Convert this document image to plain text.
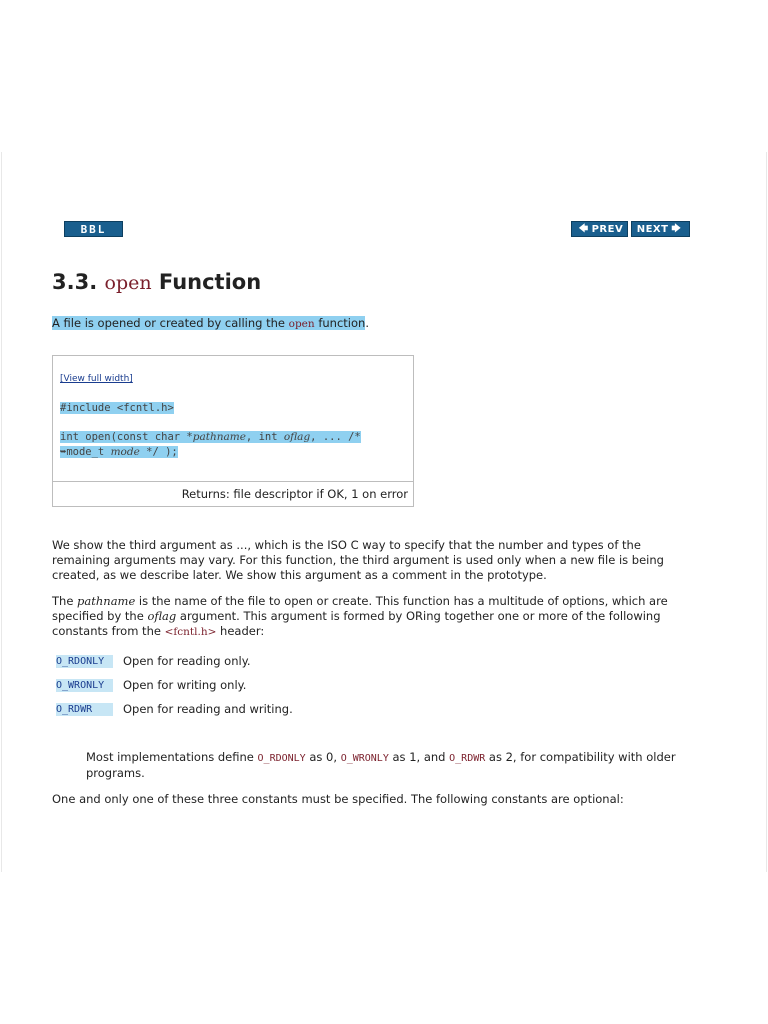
BBL	🡄 PREV NEXT 🡆
3.3. open Function
A file is opened or created by calling the open function.
[View full width]
#include <fcntl.h>
int open(const char *pathname, int oflag, ... /*
➥mode_t mode */ );
Returns: file descriptor if OK, 1 on error

We show the third argument as ..., which is the ISO C way to specify that the number and types of the remaining arguments may vary. For this function, the third argument is used only when a new file is being created, as we describe later. We show this argument as a comment in the prototype.

The pathname is the name of the file to open or create. This function has a multitude of options, which are specified by the oflag argument. This argument is formed by ORing together one or more of the following constants from the <fcntl.h> header:

O_RDONLY	Open for reading only.
O_WRONLY	Open for writing only.
O_RDWR	Open for reading and writing.

Most implementations define O_RDONLY as 0, O_WRONLY as 1, and O_RDWR as 2, for compatibility with older programs.

One and only one of these three constants must be specified. The following constants are optional:
